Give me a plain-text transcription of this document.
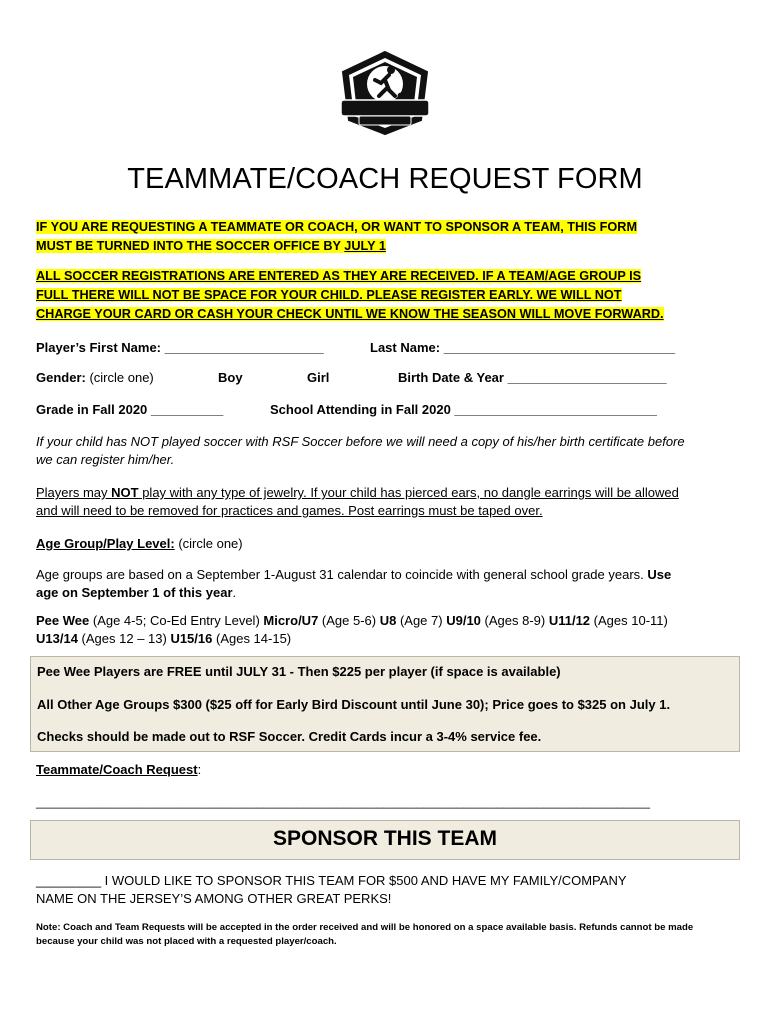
TEAMMATE/COACH REQUEST FORM
IF YOU ARE REQUESTING A TEAMMATE OR COACH, OR WANT TO SPONSOR A TEAM, THIS FORM
MUST BE TURNED INTO THE SOCCER OFFICE BY JULY 1
ALL SOCCER REGISTRATIONS ARE ENTERED AS THEY ARE RECEIVED. IF A TEAM/AGE GROUP IS
FULL THERE WILL NOT BE SPACE FOR YOUR CHILD. PLEASE REGISTER EARLY. WE WILL NOT
CHARGE YOUR CARD OR CASH YOUR CHECK UNTIL WE KNOW THE SEASON WILL MOVE FORWARD.
Player’s First Name: ______________________	Last Name: ________________________________
Gender: (circle one)	Boy	Girl	Birth Date & Year ______________________
Grade in Fall 2020 __________	School Attending in Fall 2020 ____________________________
If your child has NOT played soccer with RSF Soccer before we will need a copy of his/her birth certificate before
we can register him/her.
Players may NOT play with any type of jewelry. If your child has pierced ears, no dangle earrings will be allowed
and will need to be removed for practices and games. Post earrings must be taped over.
Age Group/Play Level: (circle one)
Age groups are based on a September 1-August 31 calendar to coincide with general school grade years. Use
age on September 1 of this year.
Pee Wee (Age 4-5; Co-Ed Entry Level) Micro/U7 (Age 5-6) U8 (Age 7) U9/10 (Ages 8-9) U11/12 (Ages 10-11)
U13/14 (Ages 12 – 13) U15/16 (Ages 14-15)
Pee Wee Players are FREE until JULY 31 - Then $225 per player (if space is available)
All Other Age Groups $300 ($25 off for Early Bird Discount until June 30); Price goes to $325 on July 1.
Checks should be made out to RSF Soccer. Credit Cards incur a 3-4% service fee.
Teammate/Coach Request:
____________________________________________________________________________________________
SPONSOR THIS TEAM
_________ I WOULD LIKE TO SPONSOR THIS TEAM FOR $500 AND HAVE MY FAMILY/COMPANY
NAME ON THE JERSEY’S AMONG OTHER GREAT PERKS!
Note: Coach and Team Requests will be accepted in the order received and will be honored on a space available basis. Refunds cannot be made
because your child was not placed with a requested player/coach.
